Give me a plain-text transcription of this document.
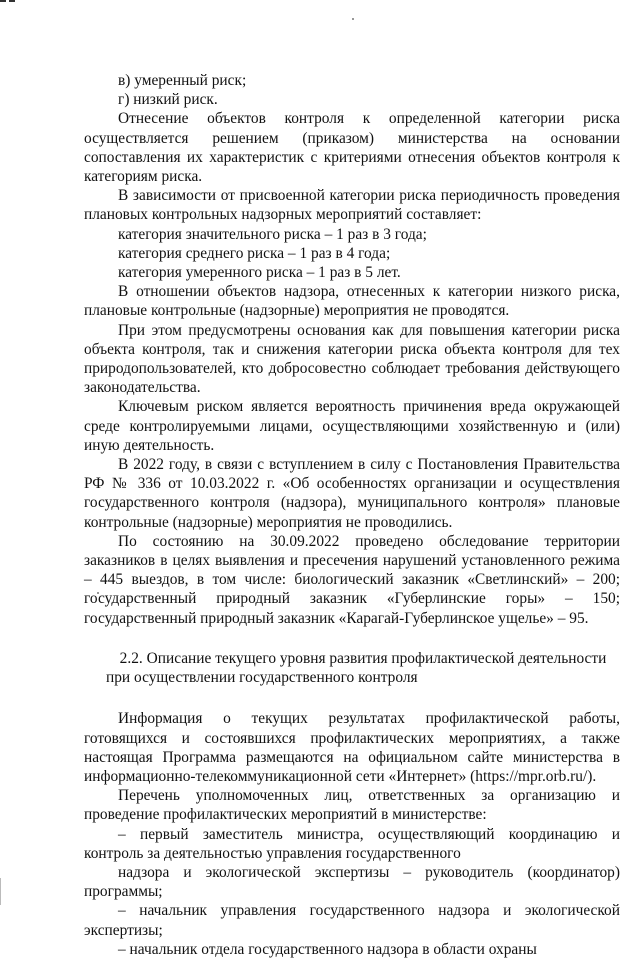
в) умеренный риск;

г) низкий риск.

Отнесение объектов контроля к определенной категории риска осуществляется решением (приказом) министерства на основании сопоставления их характеристик с критериями отнесения объектов контроля к категориям риска.

В зависимости от присвоенной категории риска периодичность проведения плановых контрольных надзорных мероприятий составляет:

категория значительного риска – 1 раз в 3 года;

категория среднего риска – 1 раз в 4 года;

категория умеренного риска – 1 раз в 5 лет.

В отношении объектов надзора, отнесенных к категории низкого риска, плановые контрольные (надзорные) мероприятия не проводятся.

При этом предусмотрены основания как для повышения категории риска объекта контроля, так и снижения категории риска объекта контроля для тех природопользователей, кто добросовестно соблюдает требования действующего законодательства.

Ключевым риском является вероятность причинения вреда окружающей среде контролируемыми лицами, осуществляющими хозяйственную и (или) иную деятельность.

В 2022 году, в связи с вступлением в силу с Постановления Правительства РФ № 336 от 10.03.2022 г. «Об особенностях организации и осуществления государственного контроля (надзора), муниципального контроля» плановые контрольные (надзорные) мероприятия не проводились.

По состоянию на 30.09.2022 проведено обследование территории заказников в целях выявления и пресечения нарушений установленного режима – 445 выездов, в том числе: биологический заказник «Светлинский» – 200; государственный природный заказник «Губерлинские горы» – 150; государственный природный заказник «Карагай-Губерлинское ущелье» – 95.

2.2. Описание текущего уровня развития профилактической деятельности при осуществлении государственного контроля

Информация о текущих результатах профилактической работы, готовящихся и состоявшихся профилактических мероприятиях, а также настоящая Программа размещаются на официальном сайте министерства в информационно-телекоммуникационной сети «Интернет» (https://mpr.orb.ru/).

Перечень уполномоченных лиц, ответственных за организацию и проведение профилактических мероприятий в министерстве:

– первый заместитель министра, осуществляющий координацию и контроль за деятельностью управления государственного

надзора и экологической экспертизы – руководитель (координатор) программы;

– начальник управления государственного надзора и экологической экспертизы;

– начальник отдела государственного надзора в области охраны
